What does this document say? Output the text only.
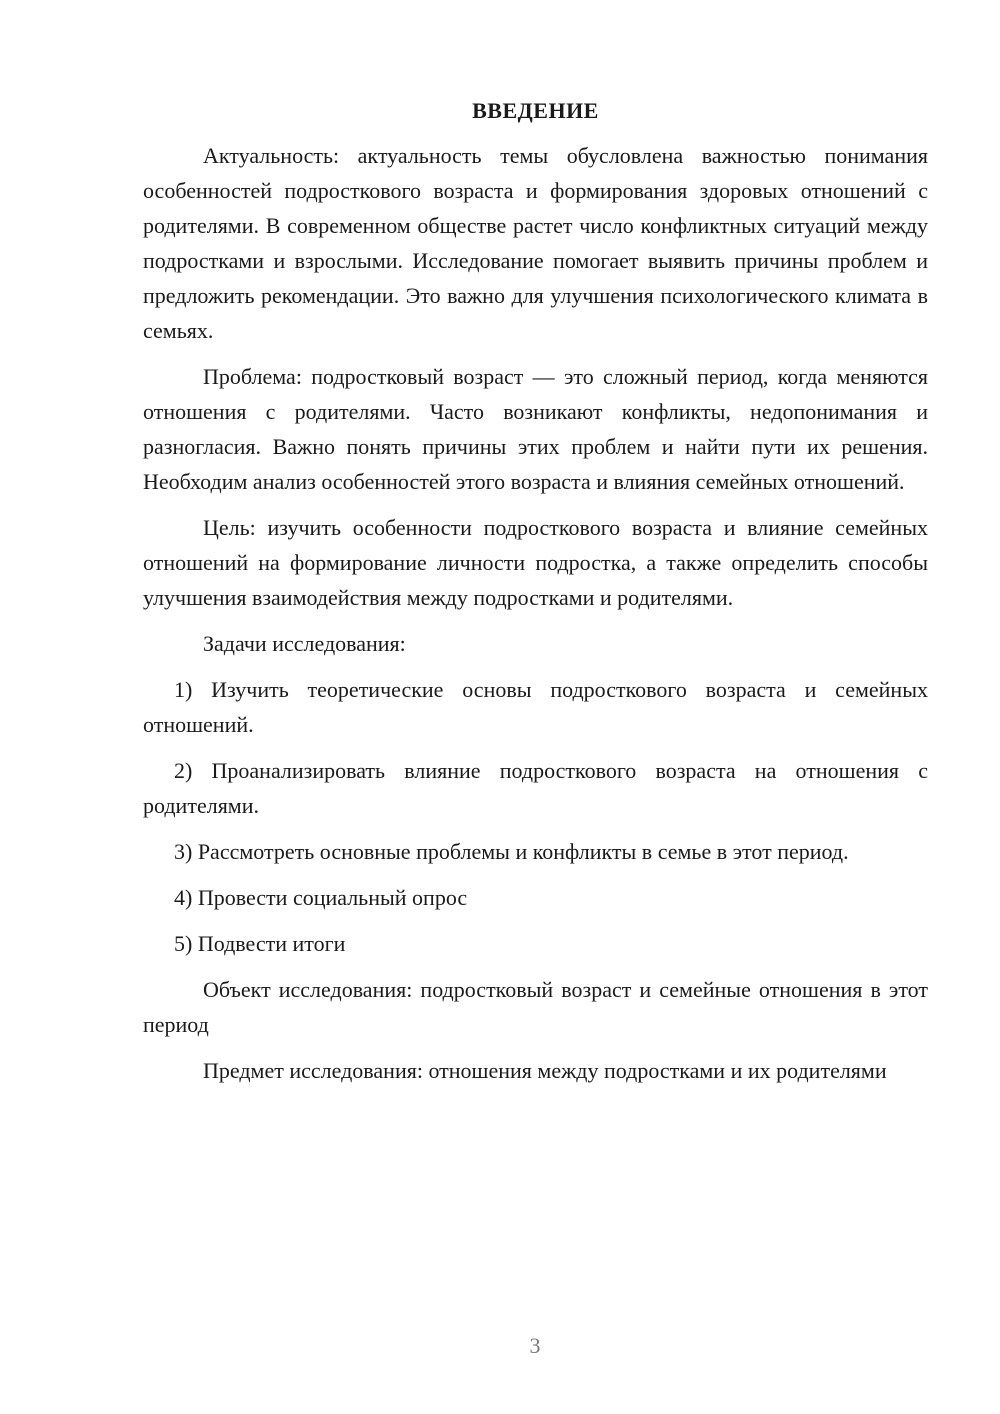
ВВЕДЕНИЕ

Актуальность: актуальность темы обусловлена важностью понимания особенностей подросткового возраста и формирования здоровых отношений с родителями. В современном обществе растет число конфликтных ситуаций между подростками и взрослыми. Исследование помогает выявить причины проблем и предложить рекомендации. Это важно для улучшения психологического климата в семьях.

Проблема: подростковый возраст — это сложный период, когда меняются отношения с родителями. Часто возникают конфликты, недопонимания и разногласия. Важно понять причины этих проблем и найти пути их решения. Необходим анализ особенностей этого возраста и влияния семейных отношений.

Цель: изучить особенности подросткового возраста и влияние семейных отношений на формирование личности подростка, а также определить способы улучшения взаимодействия между подростками и родителями.

Задачи исследования:

1) Изучить теоретические основы подросткового возраста и семейных отношений.

2) Проанализировать влияние подросткового возраста на отношения с родителями.

3) Рассмотреть основные проблемы и конфликты в семье в этот период.

4) Провести социальный опрос

5) Подвести итоги

Объект исследования: подростковый возраст и семейные отношения в этот период

Предмет исследования: отношения между подростками и их родителями

3
